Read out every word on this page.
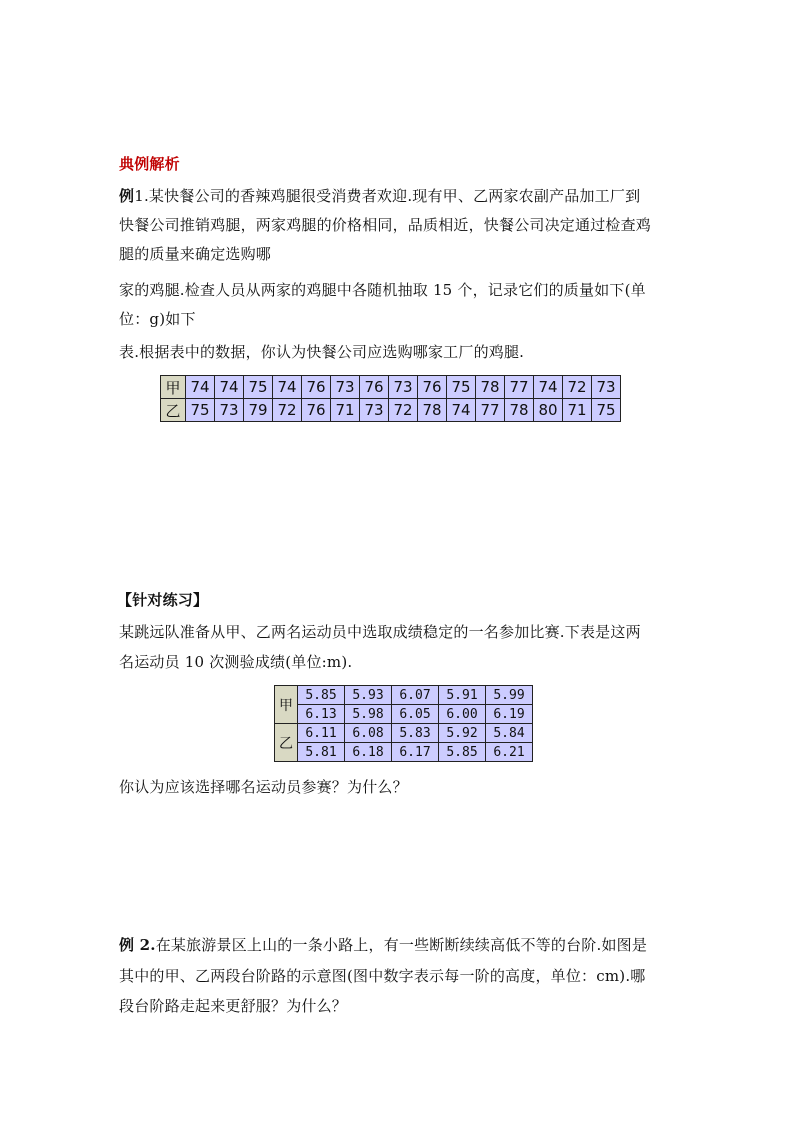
典例解析
例1.某快餐公司的香辣鸡腿很受消费者欢迎.现有甲、乙两家农副产品加工厂到
快餐公司推销鸡腿，两家鸡腿的价格相同，品质相近，快餐公司决定通过检查鸡
腿的质量来确定选购哪
家的鸡腿.检查人员从两家的鸡腿中各随机抽取 15 个，记录它们的质量如下(单
位：g)如下
表.根据表中的数据，你认为快餐公司应选购哪家工厂的鸡腿.
甲	74	74	75	74	76	73	76	73	76	75	78	77	74	72	73
乙	75	73	79	72	76	71	73	72	78	74	77	78	80	71	75
【针对练习】
某跳远队准备从甲、乙两名运动员中选取成绩稳定的一名参加比赛.下表是这两
名运动员 10 次测验成绩(单位:m).
甲	5.85	5.93	6.07	5.91	5.99
	6.13	5.98	6.05	6.00	6.19
乙	6.11	6.08	5.83	5.92	5.84
	5.81	6.18	6.17	5.85	6.21
你认为应该选择哪名运动员参赛？为什么？
例 2.在某旅游景区上山的一条小路上，有一些断断续续高低不等的台阶.如图是
其中的甲、乙两段台阶路的示意图(图中数字表示每一阶的高度，单位：cm).哪
段台阶路走起来更舒服？为什么？
